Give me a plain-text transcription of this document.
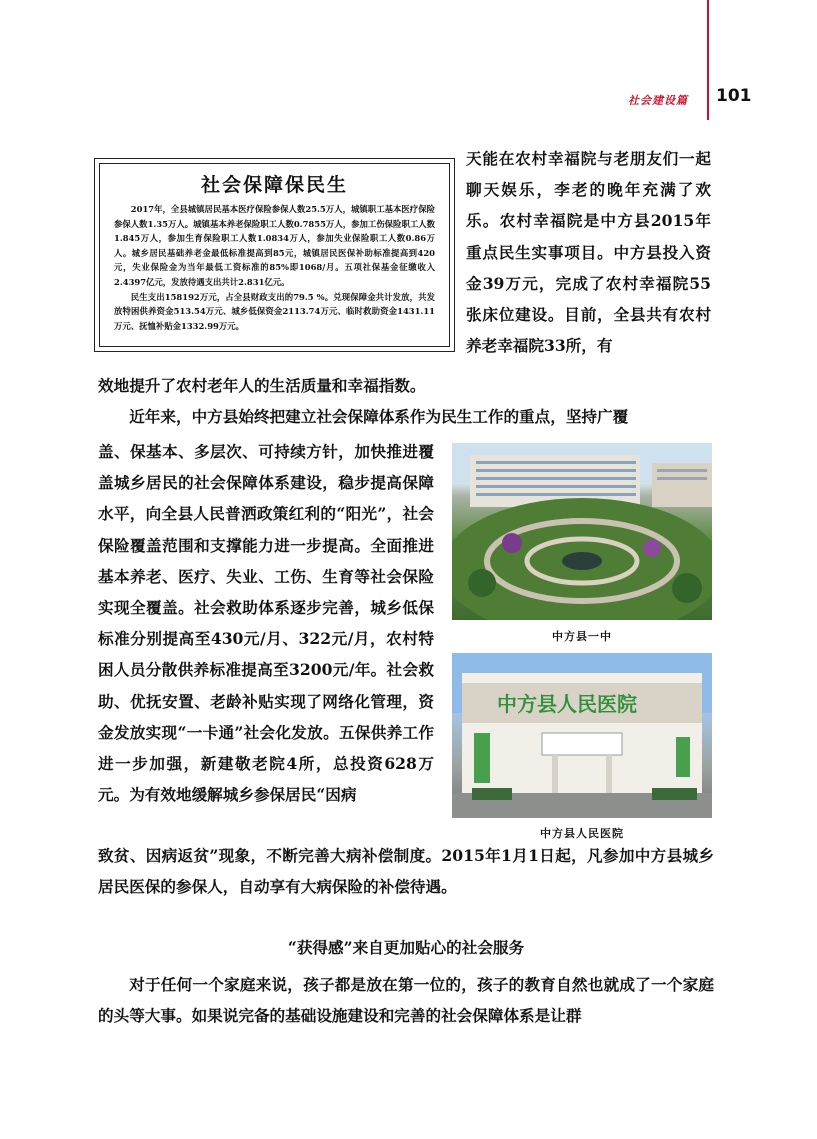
社会建设篇 101
社会保障保民生

2017年，全县城镇居民基本医疗保险参保人数25.5万人，城镇职工基本医疗保险参保人数1.35万人。城镇基本养老保险职工人数0.7855万人，参加工伤保险职工人数1.845万人，参加生育保险职工人数1.0834万人，参加失业保险职工人数0.86万人。城乡居民基础养老金最低标准提高到85元，城镇居民医保补助标准提高到420元，失业保险金为当年最低工资标准的85%即1068/月。五项社保基金征缴收入2.4397亿元，发放待遇支出共计2.831亿元。

民生支出158192万元，占全县财政支出的79.5 %。兑现保障金共计发放，共发放特困供养资金513.54万元、城乡低保资金2113.74万元、临时救助资金1431.11万元、抚恤补贴金1332.99万元。

天能在农村幸福院与老朋友们一起聊天娱乐，李老的晚年充满了欢乐。农村幸福院是中方县2015年重点民生实事项目。中方县投入资金39万元，完成了农村幸福院55张床位建设。目前，全县共有农村养老幸福院33所，有
效地提升了农村老年人的生活质量和幸福指数。
近年来，中方县始终把建立社会保障体系作为民生工作的重点，坚持广覆
盖、保基本、多层次、可持续方针，加快推进覆盖城乡居民的社会保障体系建设，稳步提高保障水平，向全县人民普洒政策红利的“阳光”，社会保险覆盖范围和支撑能力进一步提高。全面推进基本养老、医疗、失业、工伤、生育等社会保险实现全覆盖。社会救助体系逐步完善，城乡低保标准分别提高至430元/月、322元/月，农村特困人员分散供养标准提高至3200元/年。社会救助、优抚安置、老龄补贴实现了网络化管理，资金发放实现“一卡通”社会化发放。五保供养工作进一步加强，新建敬老院4所，总投资628万元。为有效地缓解城乡参保居民“因病
中方县一中
中方县人民医院
中方县人民医院
致贫、因病返贫”现象，不断完善大病补偿制度。2015年1月1日起，凡参加中方县城乡居民医保的参保人，自动享有大病保险的补偿待遇。
“获得感”来自更加贴心的社会服务
对于任何一个家庭来说，孩子都是放在第一位的，孩子的教育自然也就成了一个家庭的头等大事。如果说完备的基础设施建设和完善的社会保障体系是让群
